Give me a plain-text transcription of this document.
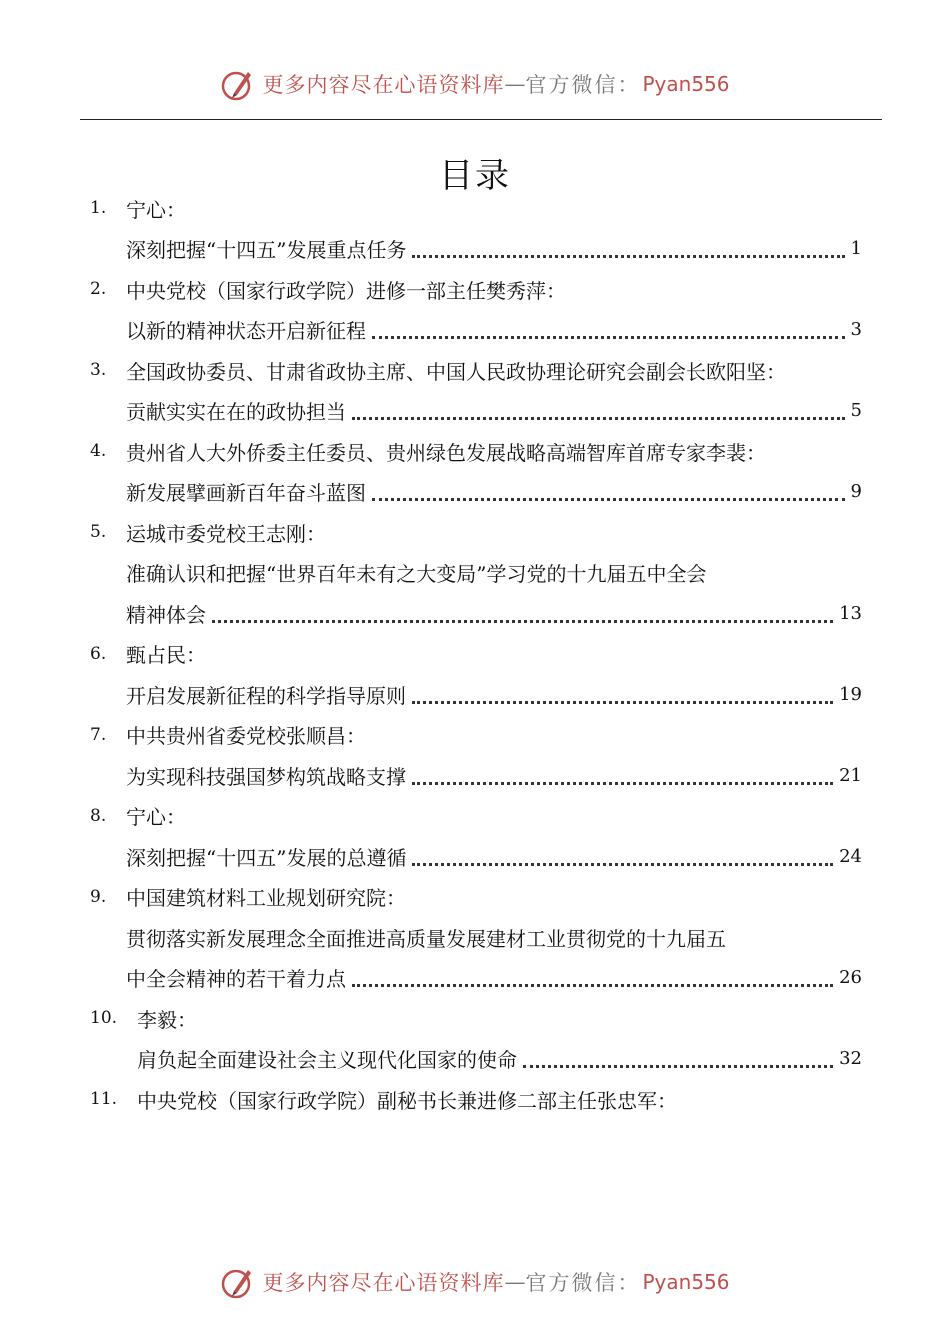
更多内容尽在心语资料库 — 官方微信： Pyan556
目录
1. 宁心：
深刻把握“十四五”发展重点任务	1
2. 中央党校（国家行政学院）进修一部主任樊秀萍：
以新的精神状态开启新征程	3
3. 全国政协委员、甘肃省政协主席、中国人民政协理论研究会副会长欧阳坚：
贡献实实在在的政协担当	5
4. 贵州省人大外侨委主任委员、贵州绿色发展战略高端智库首席专家李裴：
新发展擘画新百年奋斗蓝图	9
5. 运城市委党校王志刚：
准确认识和把握“世界百年未有之大变局”学习党的十九届五中全会
精神体会	13
6. 甄占民：
开启发展新征程的科学指导原则	19
7. 中共贵州省委党校张顺昌：
为实现科技强国梦构筑战略支撑	21
8. 宁心：
深刻把握“十四五”发展的总遵循	24
9. 中国建筑材料工业规划研究院：
贯彻落实新发展理念全面推进高质量发展建材工业贯彻党的十九届五
中全会精神的若干着力点	26
10. 李毅：
肩负起全面建设社会主义现代化国家的使命	32
11. 中央党校（国家行政学院）副秘书长兼进修二部主任张忠军：
更多内容尽在心语资料库 — 官方微信： Pyan556
